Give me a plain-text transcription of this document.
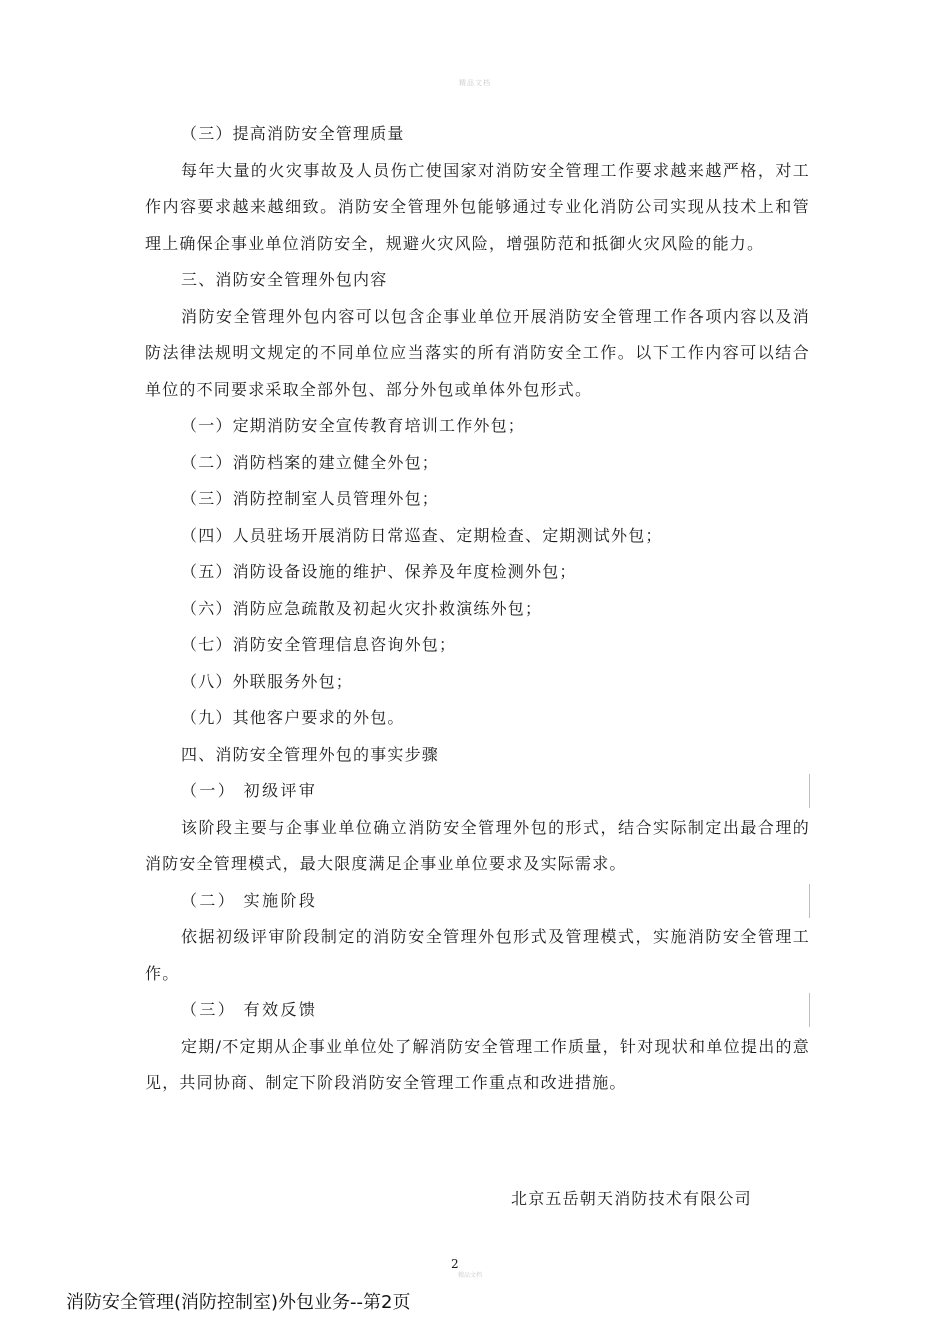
精品文档

（三）提高消防安全管理质量

每年大量的火灾事故及人员伤亡使国家对消防安全管理工作要求越来越严格，对工作内容要求越来越细致。消防安全管理外包能够通过专业化消防公司实现从技术上和管理上确保企事业单位消防安全，规避火灾风险，增强防范和抵御火灾风险的能力。

三、消防安全管理外包内容

消防安全管理外包内容可以包含企事业单位开展消防安全管理工作各项内容以及消防法律法规明文规定的不同单位应当落实的所有消防安全工作。以下工作内容可以结合单位的不同要求采取全部外包、部分外包或单体外包形式。

（一）定期消防安全宣传教育培训工作外包；

（二）消防档案的建立健全外包；

（三）消防控制室人员管理外包；

（四）人员驻场开展消防日常巡查、定期检查、定期测试外包；

（五）消防设备设施的维护、保养及年度检测外包；

（六）消防应急疏散及初起火灾扑救演练外包；

（七）消防安全管理信息咨询外包；

（八）外联服务外包；

（九）其他客户要求的外包。

四、消防安全管理外包的事实步骤

（一） 初级评审

该阶段主要与企事业单位确立消防安全管理外包的形式，结合实际制定出最合理的消防安全管理模式，最大限度满足企事业单位要求及实际需求。

（二） 实施阶段

依据初级评审阶段制定的消防安全管理外包形式及管理模式，实施消防安全管理工作。

（三） 有效反馈

定期/不定期从企事业单位处了解消防安全管理工作质量，针对现状和单位提出的意见，共同协商、制定下阶段消防安全管理工作重点和改进措施。

北京五岳朝天消防技术有限公司
2
精品文档
消防安全管理(消防控制室)外包业务--第2页
